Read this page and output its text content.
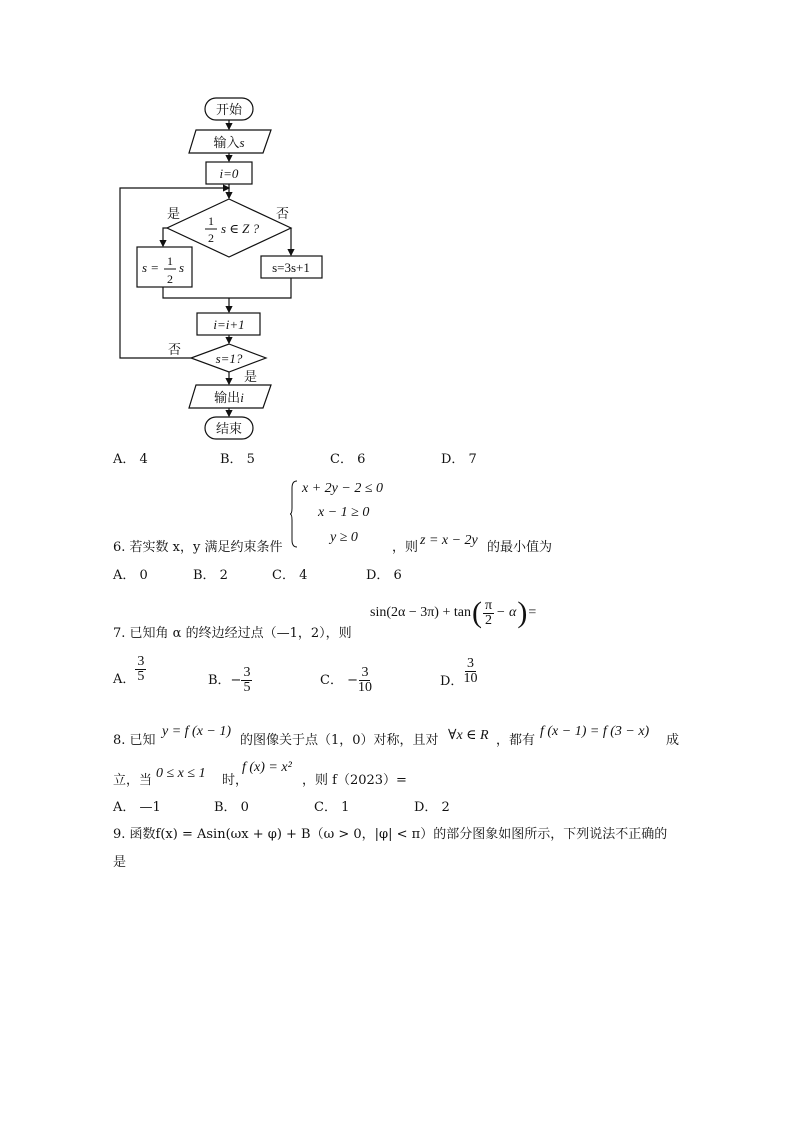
开始
输入s
i=0
1
2
s ∈ Z ?
是	否
s = 1
2
s	s=3s+1
i=i+1
s=1?
否
是
输出i
结束
A． 4	B． 5	C． 6	D． 7
x + 2y − 2 ≤ 0
x − 1 ≥ 0
y ≥ 0
6. 若实数 x，y 满足约束条件	，则 z = x − 2y 的最小值为
A． 0	B． 2	C． 4	D． 6
sin(2α − 3π) + tan ( $\frac{\pi}{2} - \alpha$ ) =
7. 已知角 α 的终边经过点（—1，2），则
A． $\frac{3}{5}$	B．− $\frac{3}{5}$	C． − $\frac{3}{10}$	D． $\frac{3}{10}$
8. 已知
y = f (x − 1)
的图像关于点（1，0）对称，且对 ∀x ∈ R ，都有
f (x − 1) = f (3 − x)
成
立，当 0 ≤ x ≤ 1 时，
f (x) = x²
，则 f（2023）=
A． —1	B． 0	C． 1	D． 2
9. 函数f(x) = Asin(ωx + φ) + B（ω > 0，|φ| < π）的部分图象如图所示，下列说法不正确的
是
